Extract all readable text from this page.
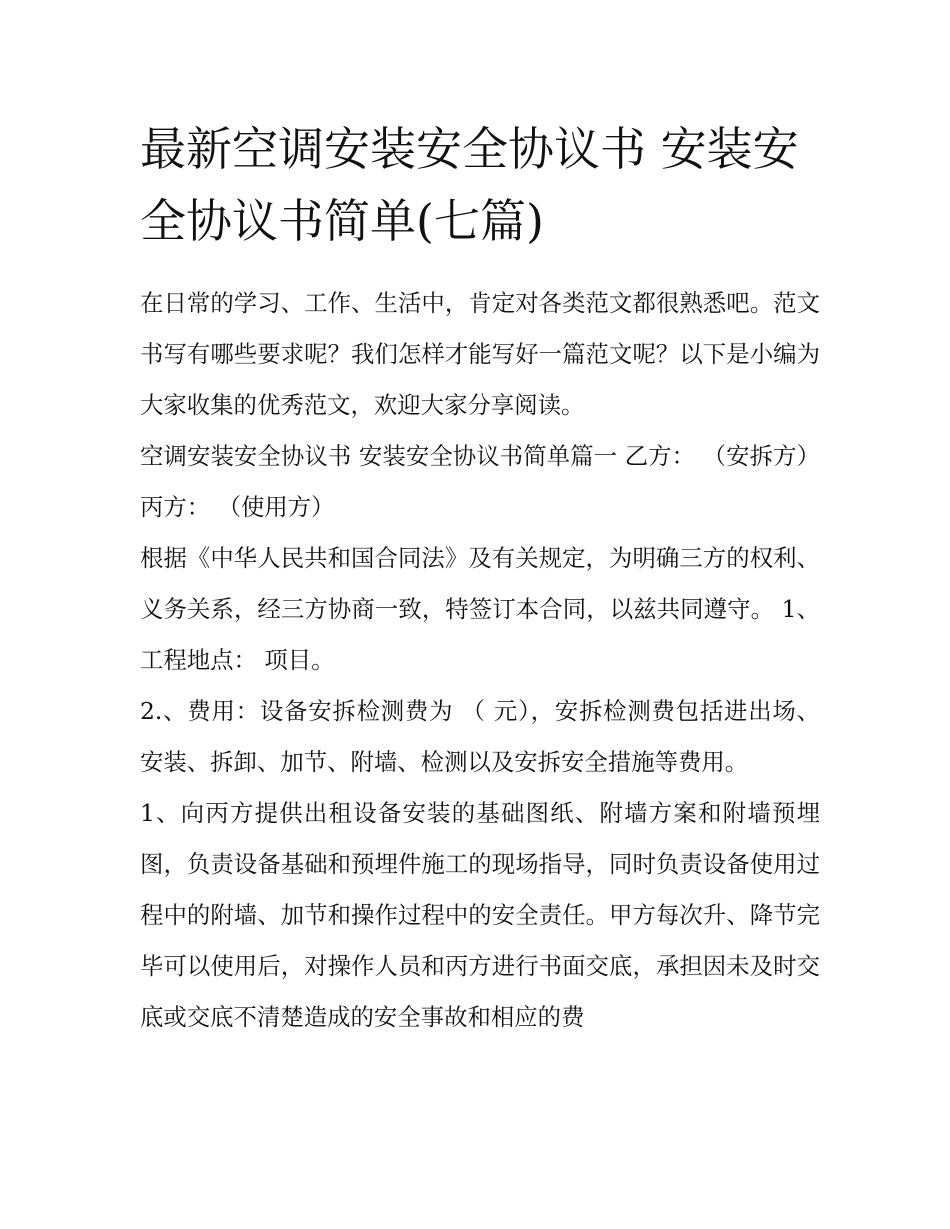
最新空调安装安全协议书 安装安全协议书简单(七篇)

在日常的学习、工作、生活中，肯定对各类范文都很熟悉吧。范文书写有哪些要求呢？我们怎样才能写好一篇范文呢？以下是小编为大家收集的优秀范文，欢迎大家分享阅读。

空调安装安全协议书 安装安全协议书简单篇一 乙方： （安拆方） 丙方： （使用方）

根据《中华人民共和国合同法》及有关规定，为明确三方的权利、义务关系，经三方协商一致，特签订本合同，以兹共同遵守。 1、工程地点： 项目。

2.、费用：设备安拆检测费为 （ 元），安拆检测费包括进出场、安装、拆卸、加节、附墙、检测以及安拆安全措施等费用。

1、向丙方提供出租设备安装的基础图纸、附墙方案和附墙预埋图，负责设备基础和预埋件施工的现场指导，同时负责设备使用过程中的附墙、加节和操作过程中的安全责任。甲方每次升、降节完毕可以使用后，对操作人员和丙方进行书面交底，承担因未及时交底或交底不清楚造成的安全事故和相应的费
